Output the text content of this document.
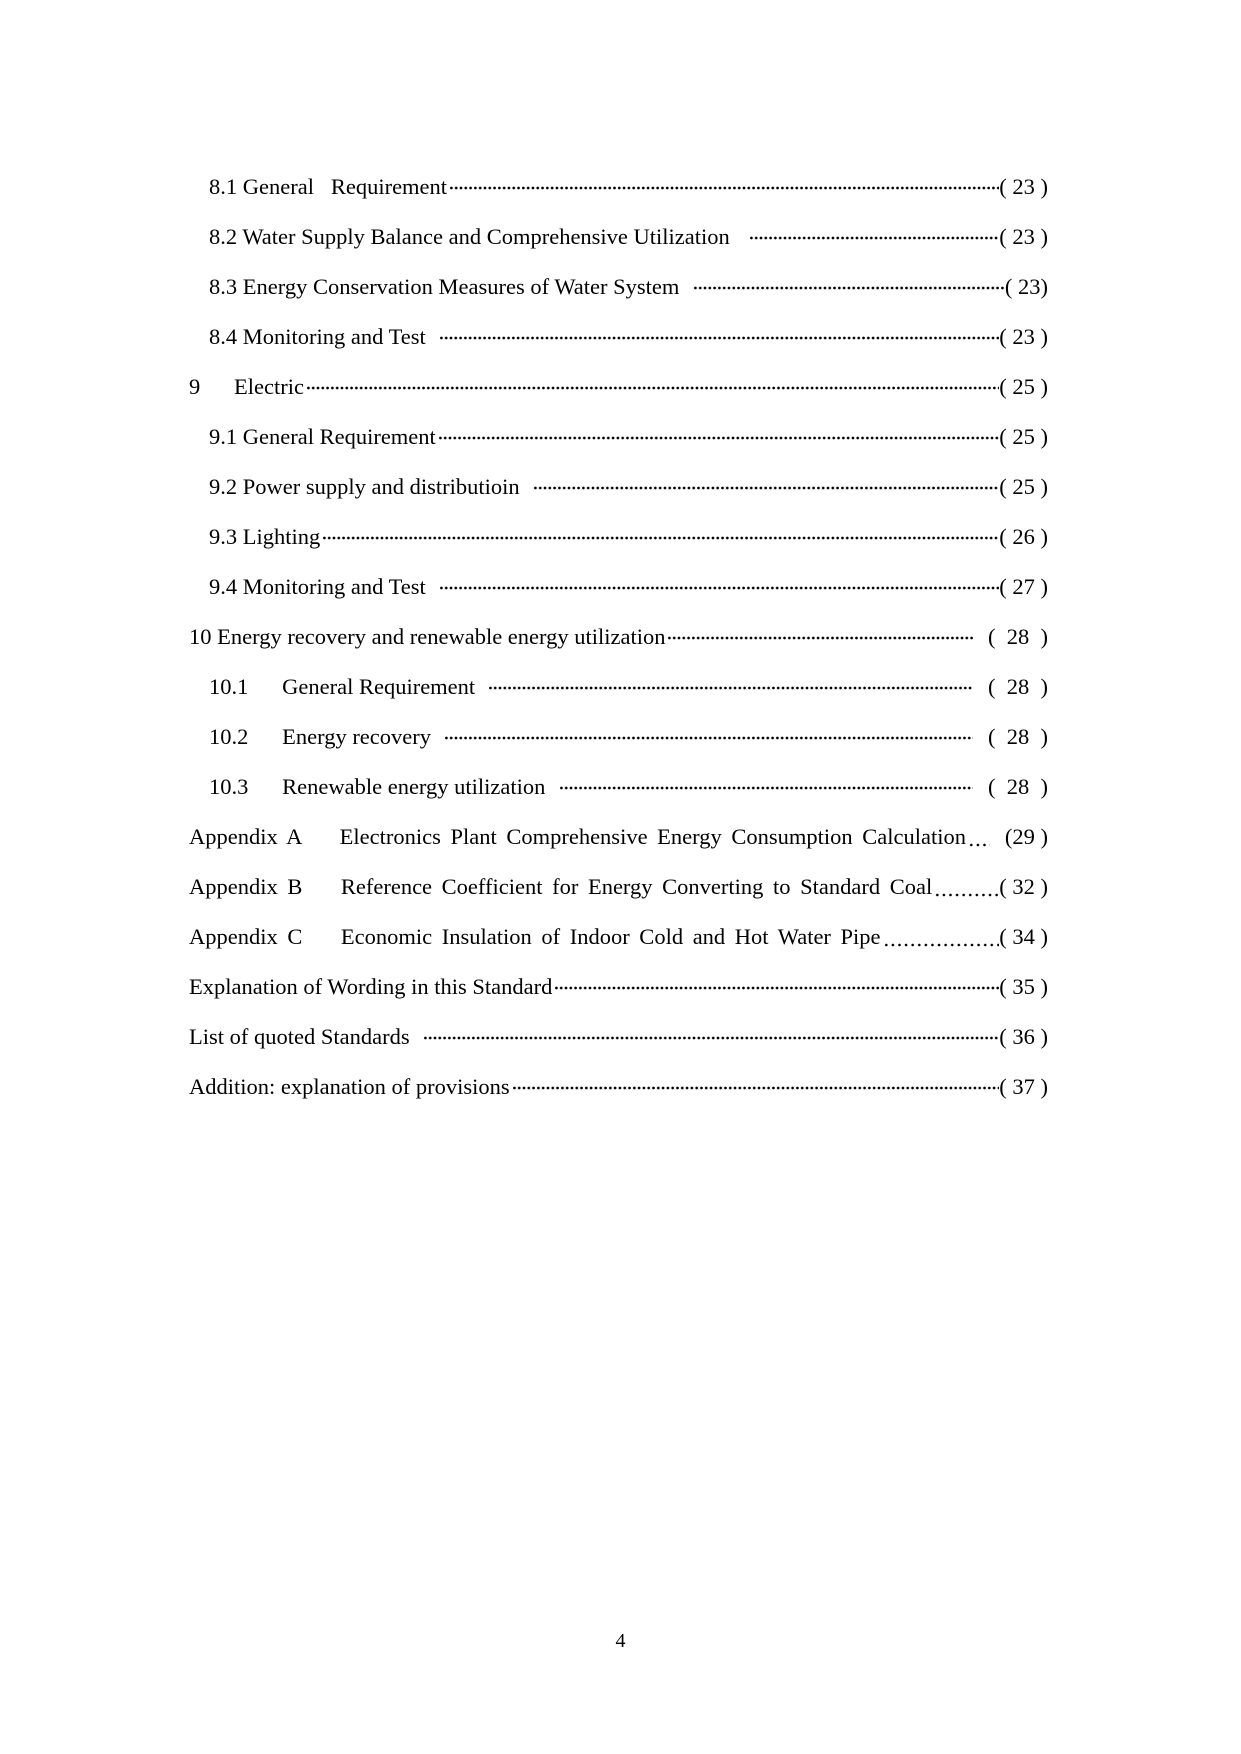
8.1 General   Requirement	( 23 )
8.2 Water Supply Balance and Comprehensive Utilization	( 23 )
8.3 Energy Conservation Measures of Water System	( 23)
8.4 Monitoring and Test	( 23 )
9      Electric	( 25 )
9.1 General Requirement	( 25 )
9.2 Power supply and distributioin	( 25 )
9.3 Lighting	( 26 )
9.4 Monitoring and Test	( 27 )
10 Energy recovery and renewable energy utilization	(  28  )
10.1      General Requirement	(  28  )
10.2      Energy recovery	(  28  )
10.3      Renewable energy utilization	(  28  )
Appendix A    Electronics Plant Comprehensive Energy Consumption Calculation (29 )
Appendix B    Reference Coefficient for Energy Converting to Standard Coal	( 32 )
Appendix C    Economic Insulation of Indoor Cold and Hot Water Pipe	( 34 )
Explanation of Wording in this Standard	( 35 )
List of quoted Standards	( 36 )
Addition: explanation of provisions	( 37 )
4
